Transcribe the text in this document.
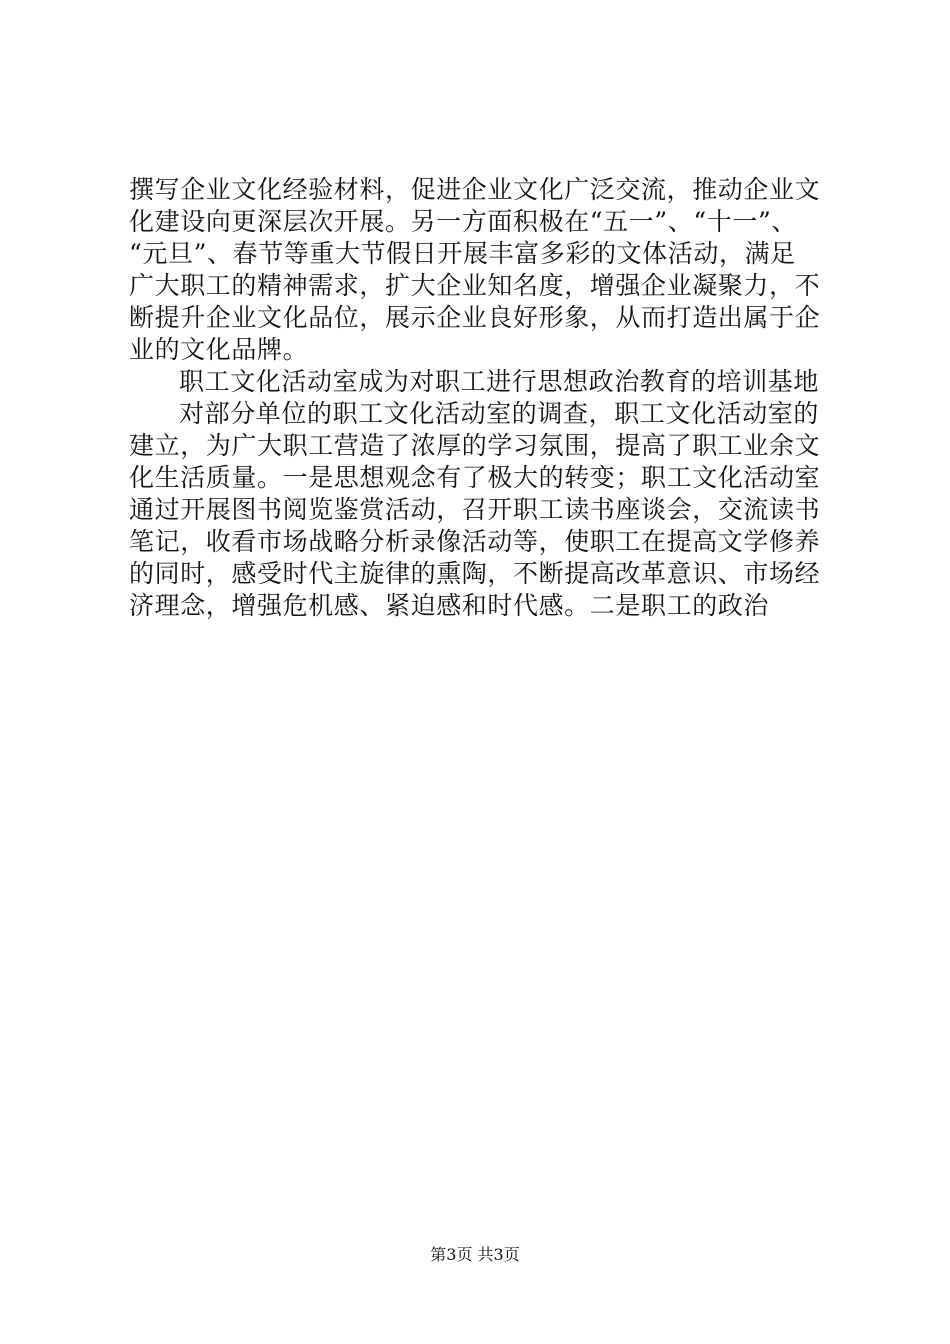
撰写企业文化经验材料，促进企业文化广泛交流，推动企业文
化建设向更深层次开展。另一方面积极在“五一”、“十一”、
“元旦”、春节等重大节假日开展丰富多彩的文体活动，满足
广大职工的精神需求，扩大企业知名度，增强企业凝聚力，不
断提升企业文化品位，展示企业良好形象，从而打造出属于企
业的文化品牌。
职工文化活动室成为对职工进行思想政治教育的培训基地
对部分单位的职工文化活动室的调查，职工文化活动室的
建立，为广大职工营造了浓厚的学习氛围，提高了职工业余文
化生活质量。一是思想观念有了极大的转变；职工文化活动室
通过开展图书阅览鉴赏活动，召开职工读书座谈会，交流读书
笔记，收看市场战略分析录像活动等，使职工在提高文学修养
的同时，感受时代主旋律的熏陶，不断提高改革意识、市场经
济理念，增强危机感、紧迫感和时代感。二是职工的政治
第3页 共3页
